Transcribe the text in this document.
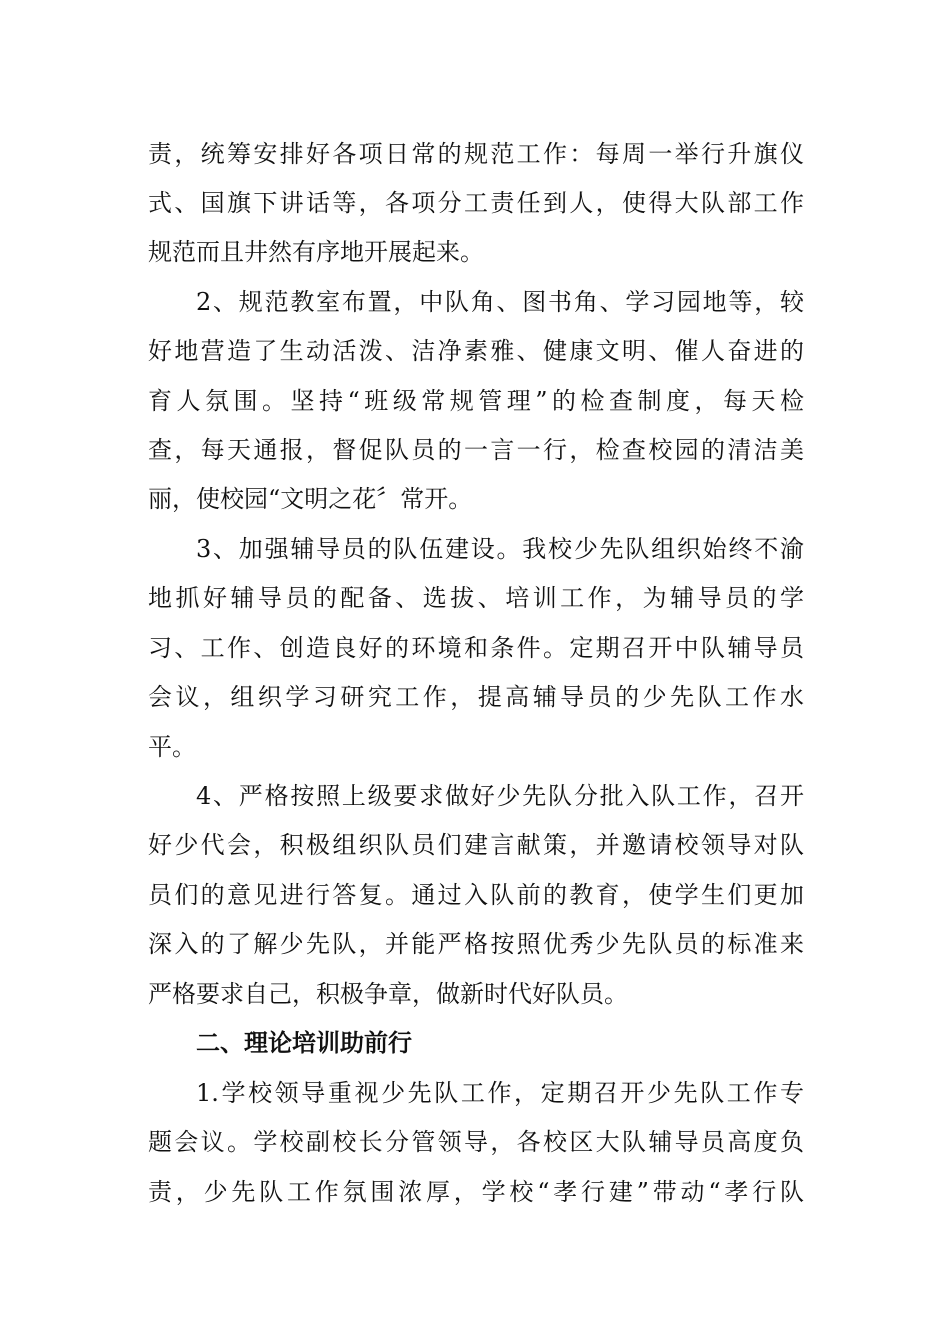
责，统筹安排好各项日常的规范工作：每周一举行升旗仪
式、国旗下讲话等，各项分工责任到人，使得大队部工作
规范而且井然有序地开展起来。
2、规范教室布置，中队角、图书角、学习园地等，较
好地营造了生动活泼、洁净素雅、健康文明、催人奋进的
育人氛围。坚持“班级常规管理”的检查制度，每天检
查，每天通报，督促队员的一言一行，检查校园的清洁美
丽，使校园“文明之花〞常开。
3、加强辅导员的队伍建设。我校少先队组织始终不渝
地抓好辅导员的配备、选拔、培训工作，为辅导员的学
习、工作、创造良好的环境和条件。定期召开中队辅导员
会议，组织学习研究工作，提高辅导员的少先队工作水
平。
4、严格按照上级要求做好少先队分批入队工作，召开
好少代会，积极组织队员们建言献策，并邀请校领导对队
员们的意见进行答复。通过入队前的教育，使学生们更加
深入的了解少先队，并能严格按照优秀少先队员的标准来
严格要求自己，积极争章，做新时代好队员。
二、理论培训助前行
1.学校领导重视少先队工作，定期召开少先队工作专
题会议。学校副校长分管领导，各校区大队辅导员高度负
责，少先队工作氛围浓厚，学校“孝行建”带动“孝行队
